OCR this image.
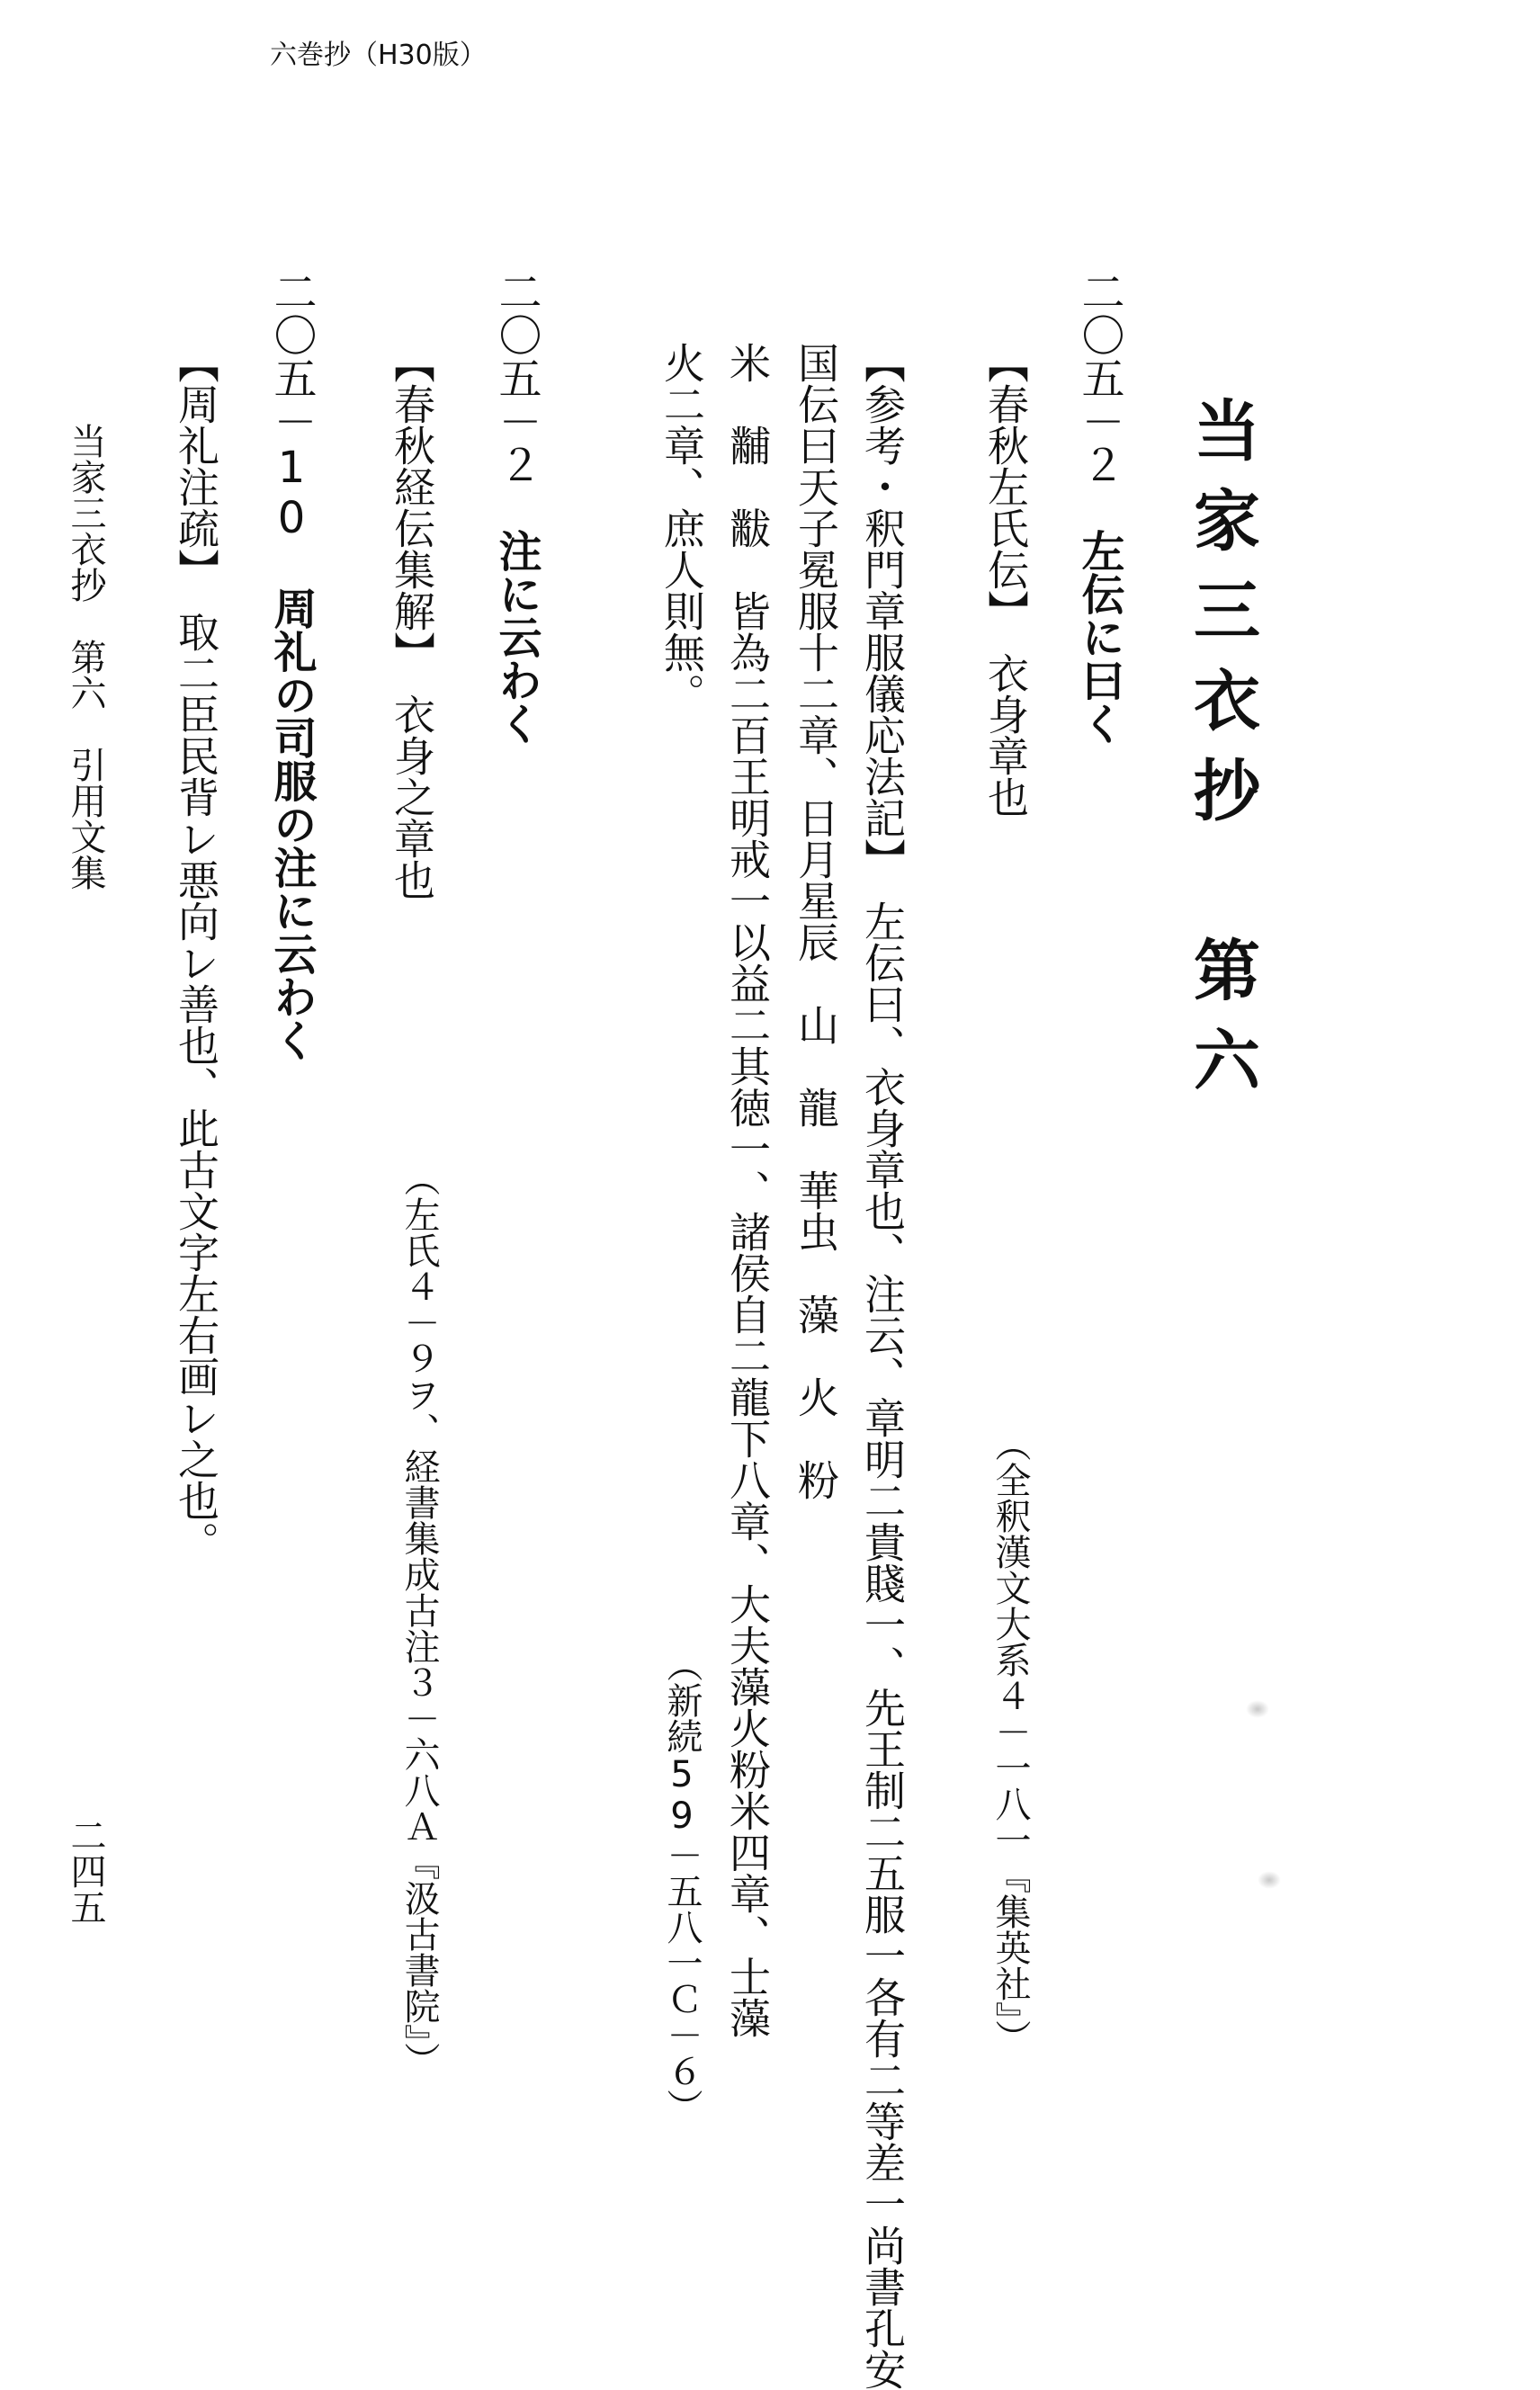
六巻抄（H30版）
当家三衣抄　第六
二〇五－２　左伝に曰く
【春秋左氏伝】　衣身章也
（全釈漢文大系４－一八一『集英社』）
【参考・釈門章服儀応法記】　左伝曰、衣身章也、注云、章明二貴賤一、先王制二五服一各有二等差一尚書孔安
国伝曰天子冕服十二章、日月星辰　山　龍　華虫　藻　火　粉
米　黼　黻　皆為二百王明戒一以益二其徳一、諸侯自二龍下八章、大夫藻火粉米四章、士藻
火二章、庶人則無。
（新続59－五八一Ｃ－６）
二〇五－２　注に云わく
【春秋経伝集解】　衣身之章也
（左氏４－９ヲ、経書集成古注３－六八Ａ『汲古書院』）
二〇五－10　周礼の司服の注に云わく
【周礼注疏】　取二臣民背レ悪向レ善也、此古文字左右画レ之也。
当家三衣抄　第六　引用文集
二四五
